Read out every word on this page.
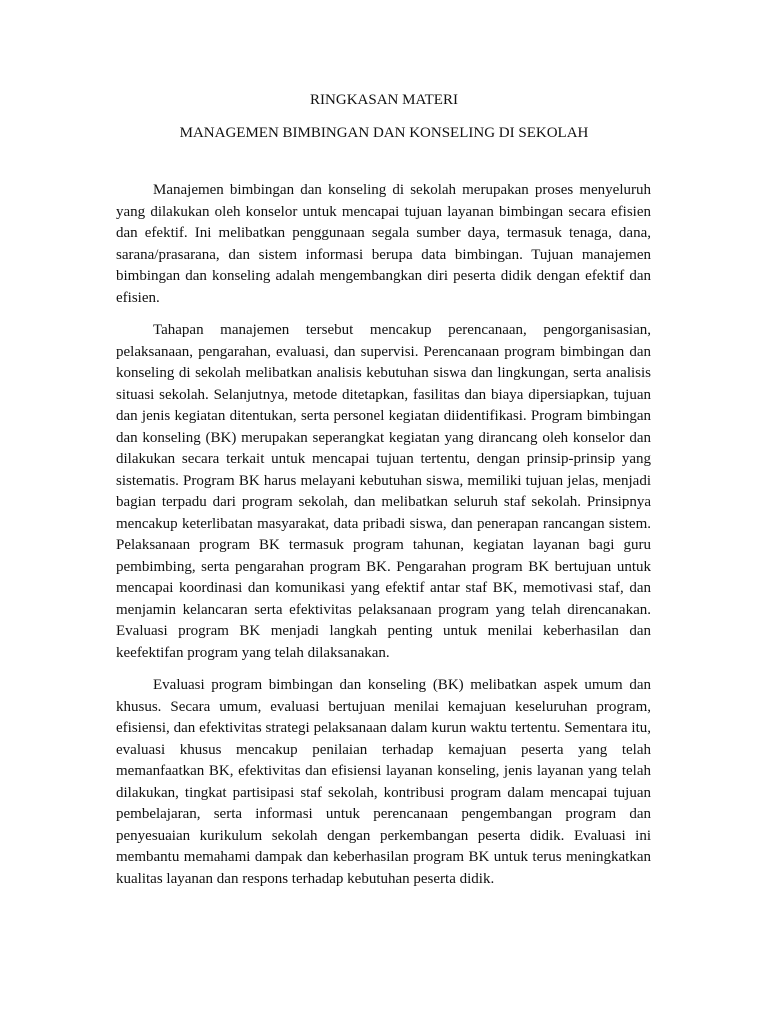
RINGKASAN MATERI
MANAGEMEN BIMBINGAN DAN KONSELING DI SEKOLAH

Manajemen bimbingan dan konseling di sekolah merupakan proses menyeluruh yang dilakukan oleh konselor untuk mencapai tujuan layanan bimbingan secara efisien dan efektif. Ini melibatkan penggunaan segala sumber daya, termasuk tenaga, dana, sarana/prasarana, dan sistem informasi berupa data bimbingan. Tujuan manajemen bimbingan dan konseling adalah mengembangkan diri peserta didik dengan efektif dan efisien.

Tahapan manajemen tersebut mencakup perencanaan, pengorganisasian, pelaksanaan, pengarahan, evaluasi, dan supervisi. Perencanaan program bimbingan dan konseling di sekolah melibatkan analisis kebutuhan siswa dan lingkungan, serta analisis situasi sekolah. Selanjutnya, metode ditetapkan, fasilitas dan biaya dipersiapkan, tujuan dan jenis kegiatan ditentukan, serta personel kegiatan diidentifikasi. Program bimbingan dan konseling (BK) merupakan seperangkat kegiatan yang dirancang oleh konselor dan dilakukan secara terkait untuk mencapai tujuan tertentu, dengan prinsip-prinsip yang sistematis. Program BK harus melayani kebutuhan siswa, memiliki tujuan jelas, menjadi bagian terpadu dari program sekolah, dan melibatkan seluruh staf sekolah. Prinsipnya mencakup keterlibatan masyarakat, data pribadi siswa, dan penerapan rancangan sistem. Pelaksanaan program BK termasuk program tahunan, kegiatan layanan bagi guru pembimbing, serta pengarahan program BK. Pengarahan program BK bertujuan untuk mencapai koordinasi dan komunikasi yang efektif antar staf BK, memotivasi staf, dan menjamin kelancaran serta efektivitas pelaksanaan program yang telah direncanakan. Evaluasi program BK menjadi langkah penting untuk menilai keberhasilan dan keefektifan program yang telah dilaksanakan.

Evaluasi program bimbingan dan konseling (BK) melibatkan aspek umum dan khusus. Secara umum, evaluasi bertujuan menilai kemajuan keseluruhan program, efisiensi, dan efektivitas strategi pelaksanaan dalam kurun waktu tertentu. Sementara itu, evaluasi khusus mencakup penilaian terhadap kemajuan peserta yang telah memanfaatkan BK, efektivitas dan efisiensi layanan konseling, jenis layanan yang telah dilakukan, tingkat partisipasi staf sekolah, kontribusi program dalam mencapai tujuan pembelajaran, serta informasi untuk perencanaan pengembangan program dan penyesuaian kurikulum sekolah dengan perkembangan peserta didik. Evaluasi ini membantu memahami dampak dan keberhasilan program BK untuk terus meningkatkan kualitas layanan dan respons terhadap kebutuhan peserta didik.
